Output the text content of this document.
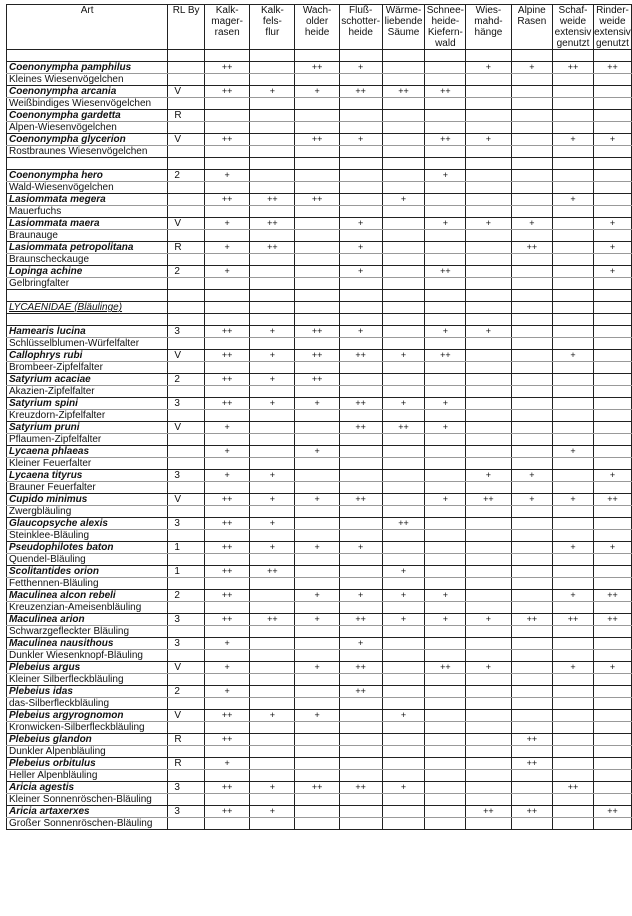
Art	RL By	Kalk-
mager-
rasen	Kalk-
fels-
flur	Wach-
older
heide	Fluß-
schotter-
heide	Wärme-
liebende
Säume	Schnee-
heide-
Kiefern-
wald	Wies-
mahd-
hänge	Alpine
Rasen	Schaf-
weide
extensiv
genutzt	Rinder-
weide
extensiv
genutzt

Coenonympha pamphilus		++		++	+			+	+	++	++
Kleines Wiesenvögelchen											
Coenonympha arcania	V	++	+	+	++	++	++				
Weißbindiges Wiesenvögelchen											
Coenonympha gardetta	R										
Alpen-Wiesenvögelchen											
Coenonympha glycerion	V	++		++	+		++	+		+	+
Rostbraunes Wiesenvögelchen											

Coenonympha hero	2	+					+				
Wald-Wiesenvögelchen											
Lasiommata megera		++	++	++		+				+	
Mauerfuchs											
Lasiommata maera	V	+	++		+		+	+	+		+
Braunauge											
Lasiommata petropolitana	R	+	++		+				++		+
Braunscheckauge											
Lopinga achine	2	+			+		++				+
Gelbringfalter											

LYCAENIDAE (Bläulinge)											

Hamearis lucina	3	++	+	++	+		+	+			
Schlüsselblumen-Würfelfalter											
Callophrys rubi	V	++	+	++	++	+	++			+	
Brombeer-Zipfelfalter											
Satyrium acaciae	2	++	+	++							
Akazien-Zipfelfalter											
Satyrium spini	3	++	+	+	++	+	+				
Kreuzdorn-Zipfelfalter											
Satyrium pruni	V	+			++	++	+				
Pflaumen-Zipfelfalter											
Lycaena phlaeas		+		+						+	
Kleiner Feuerfalter											
Lycaena tityrus	3	+	+					+	+		+
Brauner Feuerfalter											
Cupido minimus	V	++	+	+	++		+	++	+	+	++
Zwergbläuling											
Glaucopsyche alexis	3	++	+			++					
Steinklee-Bläuling											
Pseudophilotes baton	1	++	+	+	+					+	+
Quendel-Bläuling											
Scolitantides orion	1	++	++			+					
Fetthennen-Bläuling											
Maculinea alcon rebeli	2	++		+	+	+	+			+	++
Kreuzenzian-Ameisenbläuling											
Maculinea arion	3	++	++	+	++	+	+	+	++	++	++
Schwarzgefleckter Bläuling											
Maculinea nausithous	3	+			+						
Dunkler Wiesenknopf-Bläuling											
Plebeius argus	V	+		+	++		++	+		+	+
Kleiner Silberfleckbläuling											
Plebeius idas	2	+			++						
das-Silberfleckbläuling											
Plebeius argyrognomon	V	++	+	+		+					
Kronwicken-Silberfleckbläuling											
Plebeius glandon	R	++							++		
Dunkler Alpenbläuling											
Plebeius orbitulus	R	+							++		
Heller Alpenbläuling											
Aricia agestis	3	++	+	++	++	+				++	
Kleiner Sonnenröschen-Bläuling											
Aricia artaxerxes	3	++	+					++	++		++
Großer Sonnenröschen-Bläuling											
